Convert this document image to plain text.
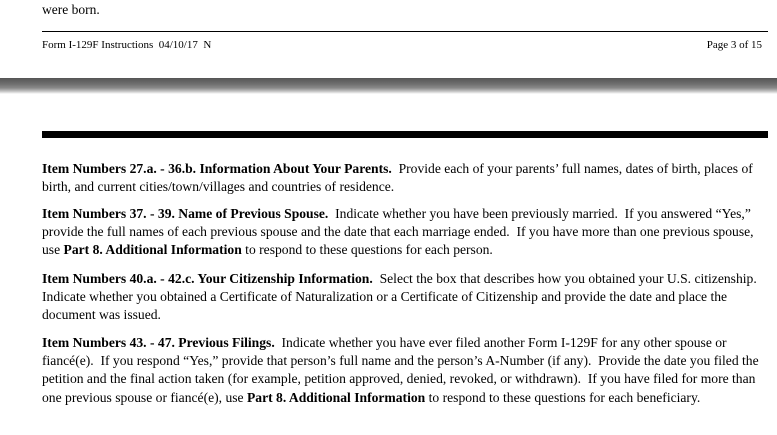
were born.
Form I-129F Instructions  04/10/17  N	Page 3 of 15
Item Numbers 27.a. - 36.b. Information About Your Parents.  Provide each of your parents’ full names, dates of birth, places of birth, and current cities/town/villages and countries of residence.
Item Numbers 37. - 39. Name of Previous Spouse.  Indicate whether you have been previously married.  If you answered “Yes,” provide the full names of each previous spouse and the date that each marriage ended.  If you have more than one previous spouse, use Part 8. Additional Information to respond to these questions for each person.
Item Numbers 40.a. - 42.c. Your Citizenship Information.  Select the box that describes how you obtained your U.S. citizenship.  Indicate whether you obtained a Certificate of Naturalization or a Certificate of Citizenship and provide the date and place the document was issued.
Item Numbers 43. - 47. Previous Filings.  Indicate whether you have ever filed another Form I-129F for any other spouse or fiancé(e).  If you respond “Yes,” provide that person’s full name and the person’s A-Number (if any).  Provide the date you filed the petition and the final action taken (for example, petition approved, denied, revoked, or withdrawn).  If you have filed for more than one previous spouse or fiancé(e), use Part 8. Additional Information to respond to these questions for each beneficiary.
